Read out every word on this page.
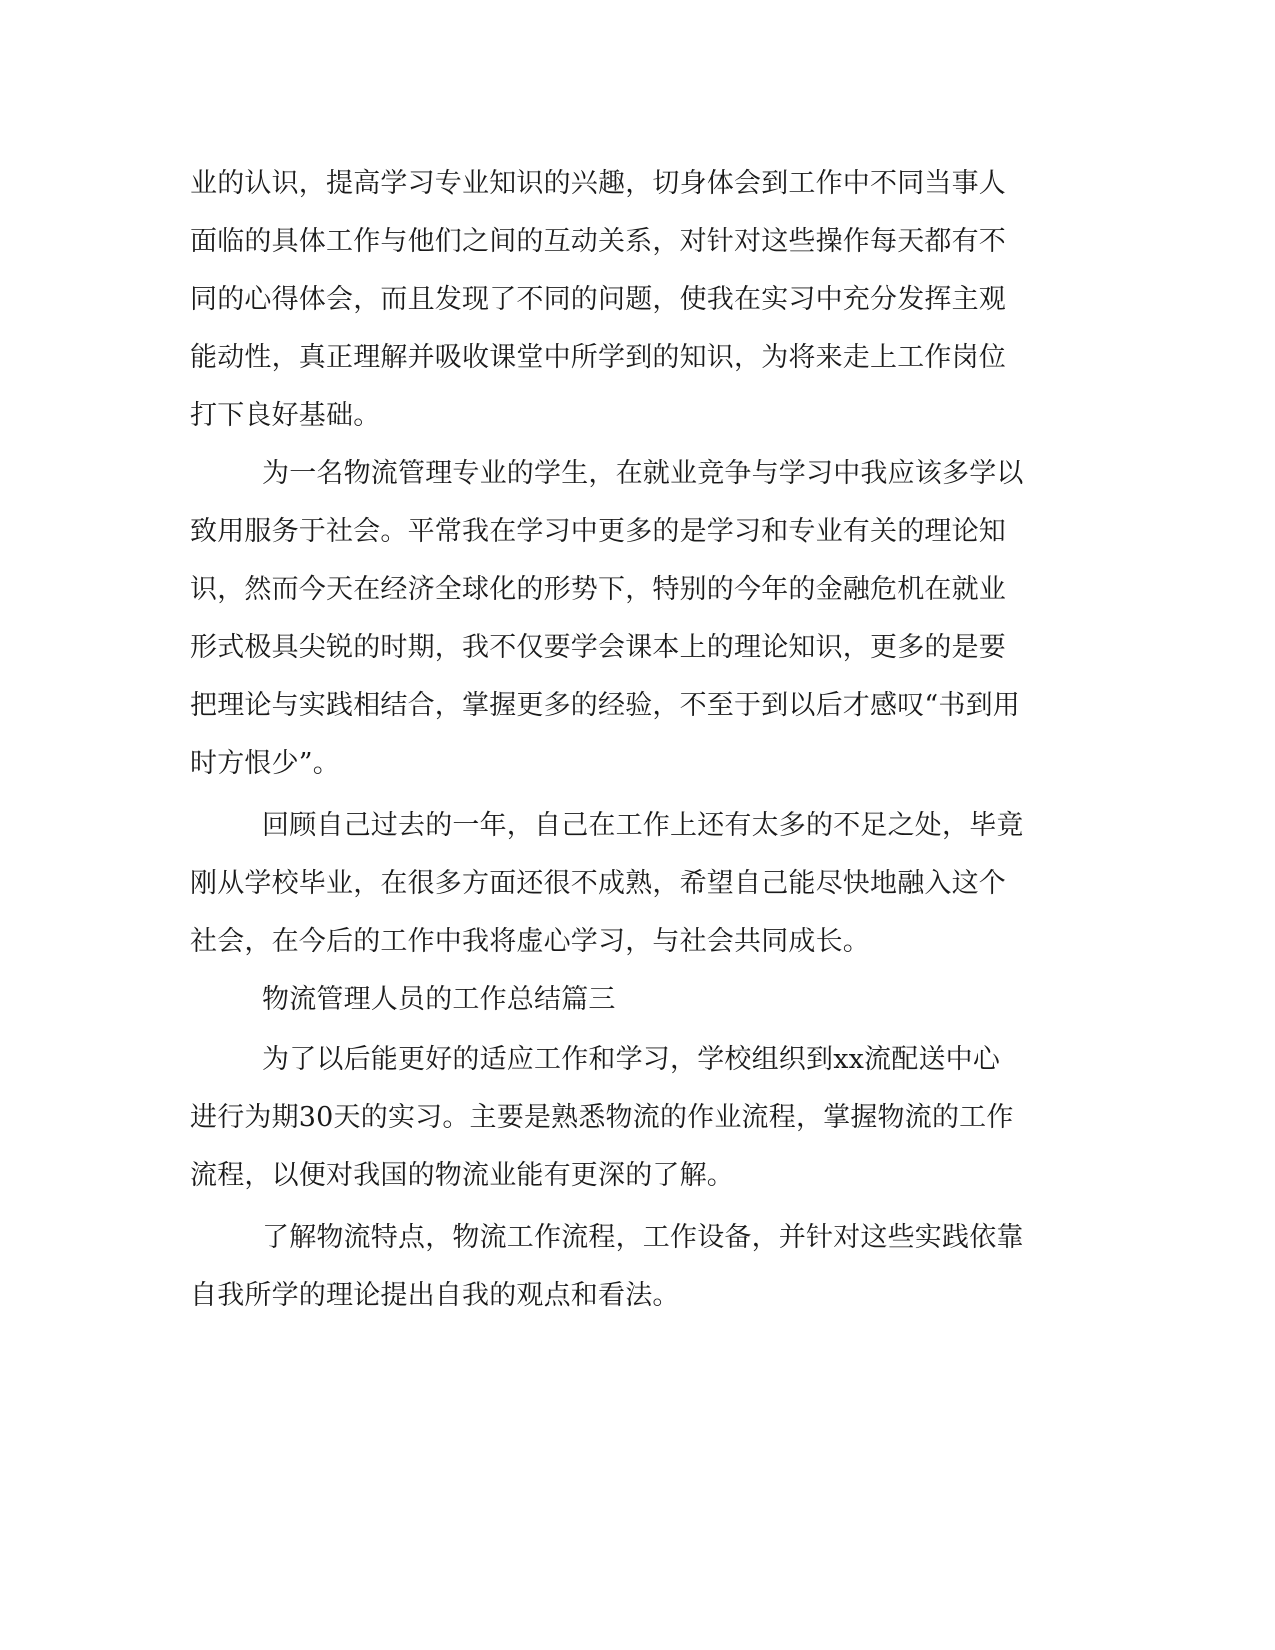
业的认识，提高学习专业知识的兴趣，切身体会到工作中不同当事人

面临的具体工作与他们之间的互动关系，对针对这些操作每天都有不

同的心得体会，而且发现了不同的问题，使我在实习中充分发挥主观

能动性，真正理解并吸收课堂中所学到的知识，为将来走上工作岗位

打下良好基础。

为一名物流管理专业的学生，在就业竞争与学习中我应该多学以

致用服务于社会。平常我在学习中更多的是学习和专业有关的理论知

识，然而今天在经济全球化的形势下，特别的今年的金融危机在就业

形式极具尖锐的时期，我不仅要学会课本上的理论知识，更多的是要

把理论与实践相结合，掌握更多的经验，不至于到以后才感叹“书到用

时方恨少”。

回顾自己过去的一年，自己在工作上还有太多的不足之处，毕竟

刚从学校毕业，在很多方面还很不成熟，希望自己能尽快地融入这个

社会，在今后的工作中我将虚心学习，与社会共同成长。

物流管理人员的工作总结篇三

为了以后能更好的适应工作和学习，学校组织到xx流配送中心

进行为期30天的实习。主要是熟悉物流的作业流程，掌握物流的工作

流程，以便对我国的物流业能有更深的了解。

了解物流特点，物流工作流程，工作设备，并针对这些实践依靠

自我所学的理论提出自我的观点和看法。
